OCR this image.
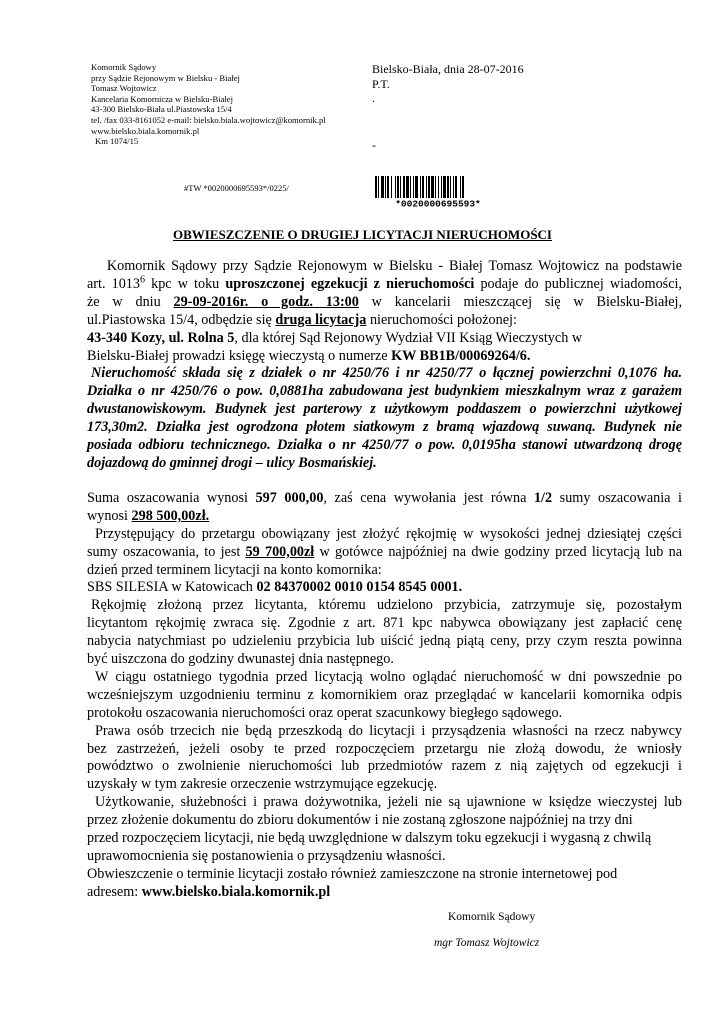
Komornik Sądowy
przy Sądzie Rejonowym w Bielsku - Białej
Tomasz Wojtowicz
Kancelaria Komornicza w Bielsku-Białej
43-300 Bielsko-Biała ul.Piastowska 15/4
tel. /fax 033-8161052 e-mail: bielsko.biala.wojtowicz@komornik.pl
www.bielsko.biala.komornik.pl
Km 1074/15
Bielsko-Biała, dnia 28-07-2016
P.T.
.
-
#TW *0020000695593*/0225/
*0020000695593*
OBWIESZCZENIE O DRUGIEJ LICYTACJI NIERUCHOMOŚCI

Komornik Sądowy przy Sądzie Rejonowym w Bielsku - Białej Tomasz Wojtowicz na podstawie

art. 1013$^6$ kpc w toku uproszczonej egzekucji z nieruchomości podaje do publicznej wiadomości,

że w dniu 29-09-2016r. o godz. 13:00 w kancelarii mieszczącej się w Bielsku-Białej,

ul.Piastowska 15/4, odbędzie się druga licytacja nieruchomości położonej:

43-340 Kozy, ul. Rolna 5, dla której Sąd Rejonowy Wydział VII Ksiąg Wieczystych w

Bielsku-Białej prowadzi księgę wieczystą o numerze KW BB1B/00069264/6.

Nieruchomość składa się z działek o nr 4250/76 i nr 4250/77 o łącznej powierzchni 0,1076 ha.

Działka o nr 4250/76 o pow. 0,0881ha zabudowana jest budynkiem mieszkalnym wraz z garażem

dwustanowiskowym. Budynek jest parterowy z użytkowym poddaszem o powierzchni użytkowej

173,30m2. Działka jest ogrodzona płotem siatkowym z bramą wjazdową suwaną. Budynek nie

posiada odbioru technicznego. Działka o nr 4250/77 o pow. 0,0195ha stanowi utwardzoną drogę

dojazdową do gminnej drogi – ulicy Bosmańskiej.

Suma oszacowania wynosi 597 000,00, zaś cena wywołania jest równa 1/2 sumy oszacowania i

wynosi 298 500,00zł.

Przystępujący do przetargu obowiązany jest złożyć rękojmię w wysokości jednej dziesiątej części

sumy oszacowania, to jest 59 700,00zł w gotówce najpóźniej na dwie godziny przed licytacją lub na

dzień przed terminem licytacji na konto komornika:

SBS SILESIA w Katowicach 02 84370002 0010 0154 8545 0001.

Rękojmię złożoną przez licytanta, któremu udzielono przybicia, zatrzymuje się, pozostałym

licytantom rękojmię zwraca się. Zgodnie z art. 871 kpc nabywca obowiązany jest zapłacić cenę

nabycia natychmiast po udzieleniu przybicia lub uiścić jedną piątą ceny, przy czym reszta powinna

być uiszczona do godziny dwunastej dnia następnego.

W ciągu ostatniego tygodnia przed licytacją wolno oglądać nieruchomość w dni powszednie po

wcześniejszym uzgodnieniu terminu z komornikiem oraz przeglądać w kancelarii komornika odpis

protokołu oszacowania nieruchomości oraz operat szacunkowy biegłego sądowego.

Prawa osób trzecich nie będą przeszkodą do licytacji i przysądzenia własności na rzecz nabywcy

bez zastrzeżeń, jeżeli osoby te przed rozpoczęciem przetargu nie złożą dowodu, że wniosły

powództwo o zwolnienie nieruchomości lub przedmiotów razem z nią zajętych od egzekucji i

uzyskały w tym zakresie orzeczenie wstrzymujące egzekucję.

Użytkowanie, służebności i prawa dożywotnika, jeżeli nie są ujawnione w księdze wieczystej lub

przez złożenie dokumentu do zbioru dokumentów i nie zostaną zgłoszone najpóźniej na trzy dni

przed rozpoczęciem licytacji, nie będą uwzględnione w dalszym toku egzekucji i wygasną z chwilą

uprawomocnienia się postanowienia o przysądzeniu własności.

Obwieszczenie o terminie licytacji zostało również zamieszczone na stronie internetowej pod

adresem: www.bielsko.biala.komornik.pl

Komornik Sądowy
mgr Tomasz Wojtowicz
